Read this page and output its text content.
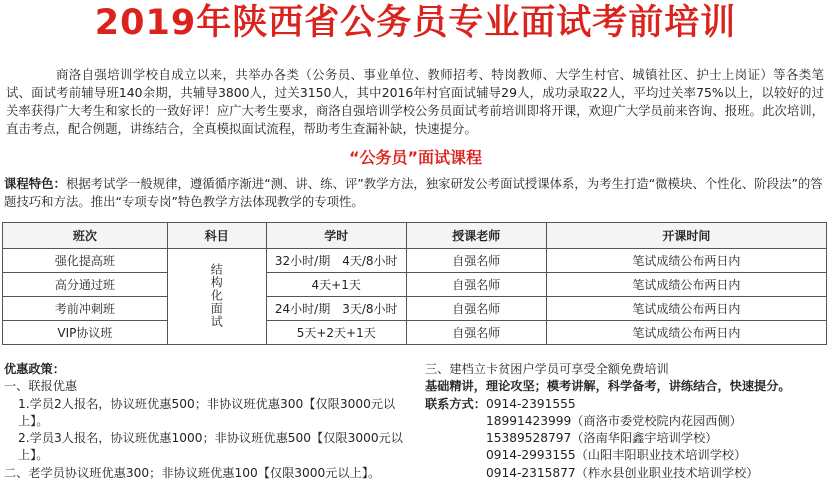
2019年陕西省公务员专业面试考前培训
商洛自强培训学校自成立以来，共举办各类（公务员、事业单位、教师招考、特岗教师、大学生村官、城镇社区、护士上岗证）等各类笔试、面试考前辅导班140余期，共辅导3800人，过关3150人，其中2016年村官面试辅导29人，成功录取22人，平均过关率75%以上，以较好的过关率获得广大考生和家长的一致好评！应广大考生要求，商洛自强培训学校公务员面试考前培训即将开课，欢迎广大学员前来咨询、报班。此次培训，直击考点，配合例题，讲练结合，全真模拟面试流程，帮助考生查漏补缺，快速提分。
“公务员”面试课程
课程特色：根据考试学一般规律，遵循循序渐进“测、讲、练、评”教学方法，独家研发公考面试授课体系，为考生打造“微模块、个性化、阶段法”的答题技巧和方法。推出“专项专岗”特色教学方法体现教学的专项性。
班次	科目	学时	授课老师	开课时间
强化提高班	结构化面试	32小时/期　4天/8小时	自强名师	笔试成绩公布两日内
高分通过班		4天+1天	自强名师	笔试成绩公布两日内
考前冲刺班		24小时/期　3天/8小时	自强名师	笔试成绩公布两日内
VIP协议班		5天+2天+1天	自强名师	笔试成绩公布两日内
优惠政策：
一、联报优惠
1.学员2人报名，协议班优惠500；非协议班优惠300【仅限3000元以上】。
2.学员3人报名，协议班优惠1000；非协议班优惠500【仅限3000元以上】。
二、老学员协议班优惠300；非协议班优惠100【仅限3000元以上】。
三、建档立卡贫困户学员可享受全额免费培训
基础精讲，理论攻坚；模考讲解，科学备考，讲练结合，快速提分。
联系方式： 0914-2391555
18991423999（商洛市委党校院内花园西侧）
15389528797（洛南华阳鑫宇培训学校）
0914-2993155（山阳丰阳职业技术培训学校）
0914-2315877（柞水县创业职业技术培训学校）
